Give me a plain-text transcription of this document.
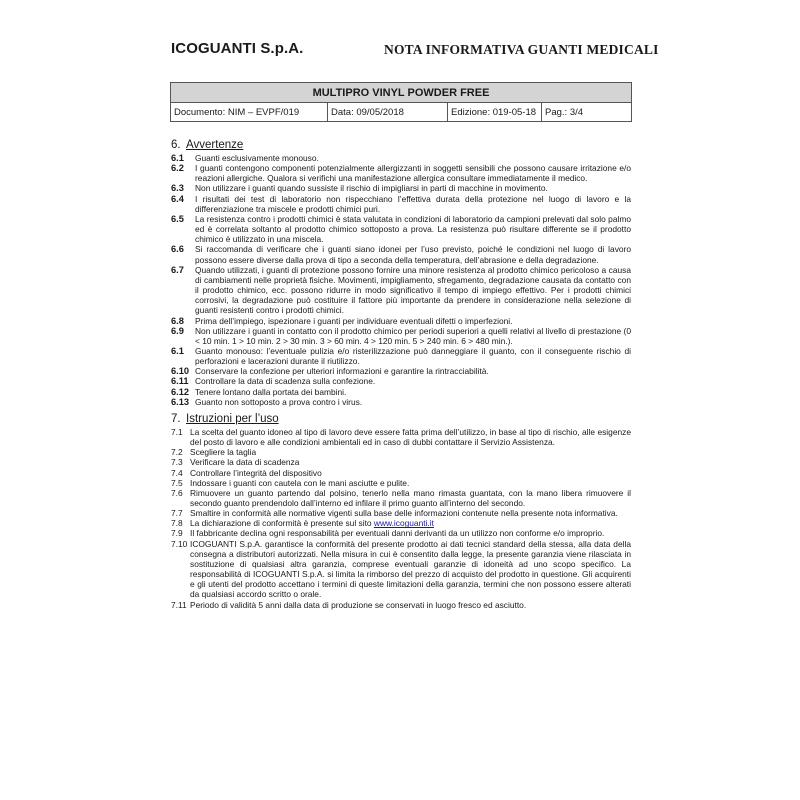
ICOGUANTI S.p.A.	NOTA INFORMATIVA GUANTI MEDICALI
MULTIPRO VINYL POWDER FREE
Documento: NIM – EVPF/019	Data: 09/05/2018	Edizione: 019-05-18	Pag.: 3/4
6. Avvertenze
6.1	Guanti esclusivamente monouso.
6.2	I guanti contengono componenti potenzialmente allergizzanti in soggetti sensibili che possono causare irritazione e/o reazioni allergiche. Qualora si verifichi una manifestazione allergica consultare immediatamente il medico.
6.3	Non utilizzare i guanti quando sussiste il rischio di impigliarsi in parti di macchine in movimento.
6.4	I risultati dei test di laboratorio non rispecchiano l’effettiva durata della protezione nel luogo di lavoro e la differenziazione tra miscele e prodotti chimici puri.
6.5	La resistenza contro i prodotti chimici è stata valutata in condizioni di laboratorio da campioni prelevati dal solo palmo ed è correlata soltanto al prodotto chimico sottoposto a prova. La resistenza può risultare differente se il prodotto chimico è utilizzato in una miscela.
6.6	Si raccomanda di verificare che i guanti siano idonei per l’uso previsto, poiché le condizioni nel luogo di lavoro possono essere diverse dalla prova di tipo a seconda della temperatura, dell’abrasione e della degradazione.
6.7	Quando utilizzati, i guanti di protezione possono fornire una minore resistenza al prodotto chimico pericoloso a causa di cambiamenti nelle proprietà fisiche. Movimenti, impigliamento, sfregamento, degradazione causata da contatto con il prodotto chimico, ecc. possono ridurre in modo significativo il tempo di impiego effettivo. Per i prodotti chimici corrosivi, la degradazione può costituire il fattore più importante da prendere in considerazione nella selezione di guanti resistenti contro i prodotti chimici.
6.8	Prima dell’impiego, ispezionare i guanti per individuare eventuali difetti o imperfezioni.
6.9	Non utilizzare i guanti in contatto con il prodotto chimico per periodi superiori a quelli relativi al livello di prestazione (0 < 10 min. 1 > 10 min. 2 > 30 min. 3 > 60 min. 4 > 120 min. 5 > 240 min. 6 > 480 min.).
6.1	Guanto monouso: l’eventuale pulizia e/o risterilizzazione può danneggiare il guanto, con il conseguente rischio di perforazioni e lacerazioni durante il riutilizzo.
6.10 Conservare la confezione per ulteriori informazioni e garantire la rintracciabilità.
6.11 Controllare la data di scadenza sulla confezione.
6.12 Tenere lontano dalla portata dei bambini.
6.13 Guanto non sottoposto a prova contro i virus.
7. Istruzioni per l’uso
7.1 La scelta del guanto idoneo al tipo di lavoro deve essere fatta prima dell’utilizzo, in base al tipo di rischio, alle esigenze del posto di lavoro e alle condizioni ambientali ed in caso di dubbi contattare il Servizio Assistenza.
7.2 Scegliere la taglia
7.3 Verificare la data di scadenza
7.4 Controllare l’integrità del dispositivo
7.5 Indossare i guanti con cautela con le mani asciutte e pulite.
7.6 Rimuovere un guanto partendo dal polsino, tenerlo nella mano rimasta guantata, con la mano libera rimuovere il secondo guanto prendendolo dall’interno ed infilare il primo guanto all’interno del secondo.
7.7 Smaltire in conformità alle normative vigenti sulla base delle informazioni contenute nella presente nota informativa.
7.8 La dichiarazione di conformità è presente sul sito www.icoguanti.it
7.9 Il fabbricante declina ogni responsabilità per eventuali danni derivanti da un utilizzo non conforme e/o improprio.
7.10 ICOGUANTI S.p.A. garantisce la conformità del presente prodotto ai dati tecnici standard della stessa, alla data della consegna a distributori autorizzati. Nella misura in cui è consentito dalla legge, la presente garanzia viene rilasciata in sostituzione di qualsiasi altra garanzia, comprese eventuali garanzie di idoneità ad uno scopo specifico. La responsabilità di ICOGUANTI S.p.A. si limita la rimborso del prezzo di acquisto del prodotto in questione. Gli acquirenti e gli utenti del prodotto accettano i termini di queste limitazioni della garanzia, termini che non possono essere alterati da qualsiasi accordo scritto o orale.
7.11 Periodo di validità 5 anni dalla data di produzione se conservati in luogo fresco ed asciutto.
